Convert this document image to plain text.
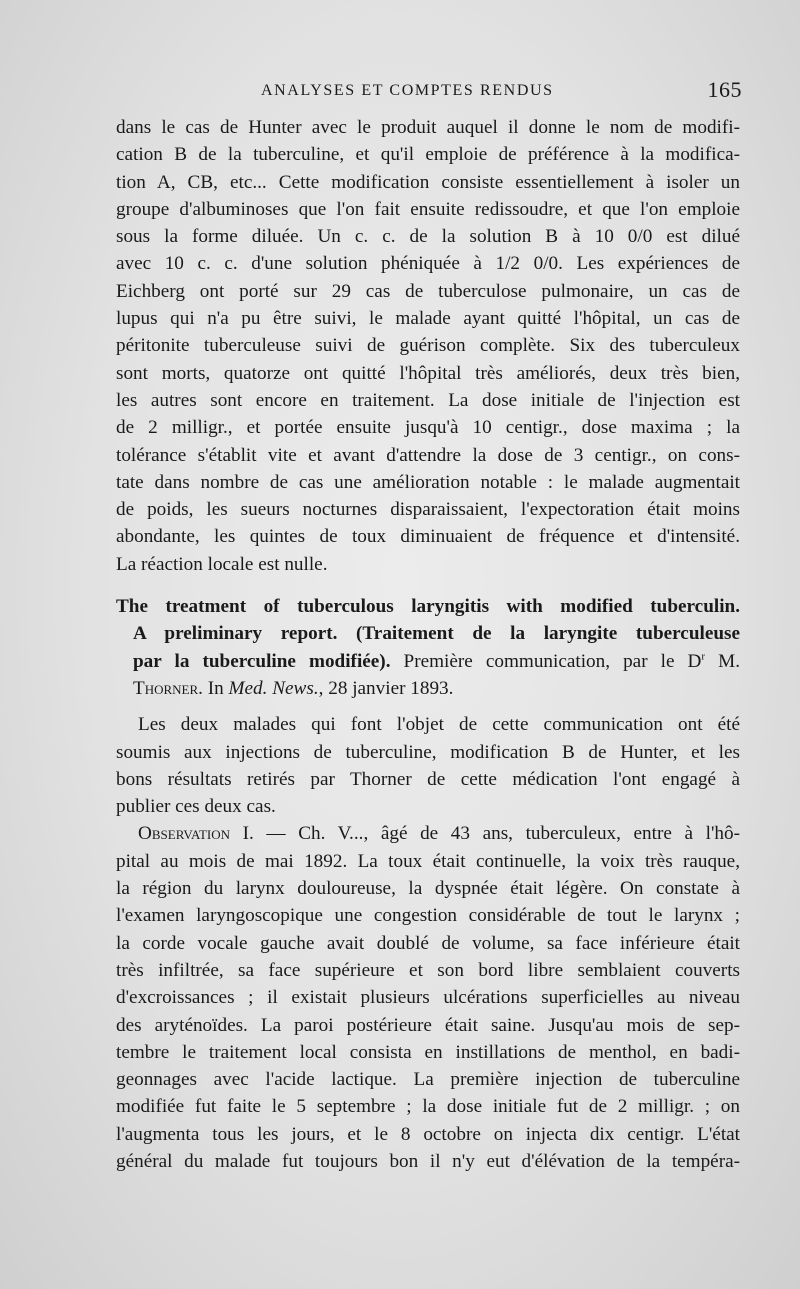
ANALYSES ET COMPTES RENDUS	165
dans le cas de Hunter avec le produit auquel il donne le nom de modifi-
cation B de la tuberculine, et qu'il emploie de préférence à la modifica-
tion A, CB, etc... Cette modification consiste essentiellement à isoler un
groupe d'albuminoses que l'on fait ensuite redissoudre, et que l'on emploie
sous la forme diluée. Un c. c. de la solution B à 10 0/0 est dilué
avec 10 c. c. d'une solution phéniquée à 1/2 0/0. Les expériences de
Eichberg ont porté sur 29 cas de tuberculose pulmonaire, un cas de
lupus qui n'a pu être suivi, le malade ayant quitté l'hôpital, un cas de
péritonite tuberculeuse suivi de guérison complète. Six des tuberculeux
sont morts, quatorze ont quitté l'hôpital très améliorés, deux très bien,
les autres sont encore en traitement. La dose initiale de l'injection est
de 2 milligr., et portée ensuite jusqu'à 10 centigr., dose maxima ; la
tolérance s'établit vite et avant d'attendre la dose de 3 centigr., on cons-
tate dans nombre de cas une amélioration notable : le malade augmentait
de poids, les sueurs nocturnes disparaissaient, l'expectoration était moins
abondante, les quintes de toux diminuaient de fréquence et d'intensité.
La réaction locale est nulle.
The treatment of tuberculous laryngitis with modified tuberculin.
A preliminary report. (Traitement de la laryngite tuberculeuse
par la tuberculine modifiée). Première communication, par le $D^r$ M.
Thorner. In Med. News., 28 janvier 1893.
Les deux malades qui font l'objet de cette communication ont été
soumis aux injections de tuberculine, modification B de Hunter, et les
bons résultats retirés par Thorner de cette médication l'ont engagé à
publier ces deux cas.
Observation I. — Ch. V..., âgé de 43 ans, tuberculeux, entre à l'hô-
pital au mois de mai 1892. La toux était continuelle, la voix très rauque,
la région du larynx douloureuse, la dyspnée était légère. On constate à
l'examen laryngoscopique une congestion considérable de tout le larynx ;
la corde vocale gauche avait doublé de volume, sa face inférieure était
très infiltrée, sa face supérieure et son bord libre semblaient couverts
d'excroissances ; il existait plusieurs ulcérations superficielles au niveau
des aryténoïdes. La paroi postérieure était saine. Jusqu'au mois de sep-
tembre le traitement local consista en instillations de menthol, en badi-
geonnages avec l'acide lactique. La première injection de tuberculine
modifiée fut faite le 5 septembre ; la dose initiale fut de 2 milligr. ; on
l'augmenta tous les jours, et le 8 octobre on injecta dix centigr. L'état
général du malade fut toujours bon il n'y eut d'élévation de la tempéra-
